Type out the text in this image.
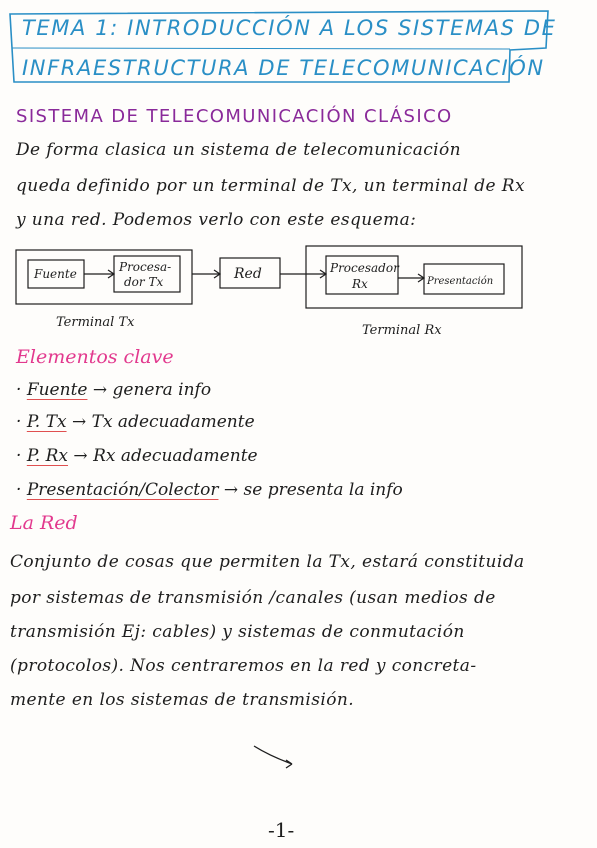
TEMA 1: INTRODUCCIÓN A LOS SISTEMAS DE
INFRAESTRUCTURA DE TELECOMUNICACIÓN
SISTEMA DE TELECOMUNICACIÓN CLÁSICO
De forma clasica un sistema de telecomunicación
queda definido por un terminal de Tx, un terminal de Rx
y una red. Podemos verlo con este esquema:
Fuente	Procesa-
dor Tx	Red	Procesador
Rx	Presentación
Terminal Tx
Terminal Rx
Elementos clave
· Fuente → genera info
· P. Tx → Tx adecuadamente
· P. Rx → Rx adecuadamente
· Presentación/Colector → se presenta la info
La Red
Conjunto de cosas que permiten la Tx, estará constituida
por sistemas de transmisión /canales (usan medios de
transmisión Ej: cables) y sistemas de conmutación
(protocolos). Nos centraremos en la red y concreta-
mente en los sistemas de transmisión.
-1-
